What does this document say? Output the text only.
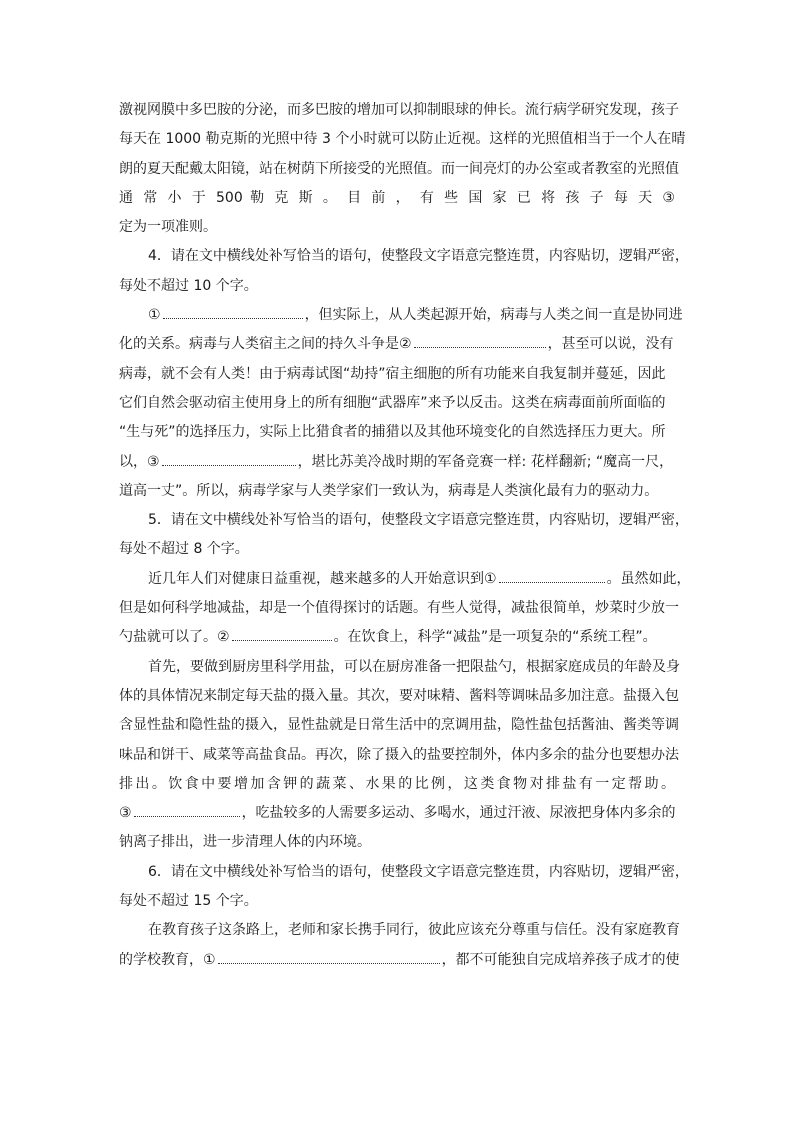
激视网膜中多巴胺的分泌，而多巴胺的增加可以抑制眼球的伸长。流行病学研究发现，孩子
每天在 1000 勒克斯的光照中待 3 个小时就可以防止近视。这样的光照值相当于一个人在晴
朗的夏天配戴太阳镜，站在树荫下所接受的光照值。而一间亮灯的办公室或者教室的光照值
通 常 小 于 500 勒 克 斯 。 目 前 ， 有 些 国 家 已 将 孩 子 每 天 ③
定为一项准则。
4．请在文中横线处补写恰当的语句，使整段文字语意完整连贯，内容贴切，逻辑严密，
每处不超过 10 个字。
①	，但实际上，从人类起源开始，病毒与人类之间一直是协同进
化的关系。病毒与人类宿主之间的持久斗争是②	，甚至可以说，没有
病毒，就不会有人类！由于病毒试图“劫持”宿主细胞的所有功能来自我复制并蔓延，因此
它们自然会驱动宿主使用身上的所有细胞“武器库”来予以反击。这类在病毒面前所面临的
“生与死”的选择压力，实际上比猎食者的捕猎以及其他环境变化的自然选择压力更大。所
以，③	，堪比苏美冷战时期的军备竞赛一样: 花样翻新; “魔高一尺，
道高一丈”。所以，病毒学家与人类学家们一致认为，病毒是人类演化最有力的驱动力。
5．请在文中横线处补写恰当的语句，使整段文字语意完整连贯，内容贴切，逻辑严密，
每处不超过 8 个字。
近几年人们对健康日益重视，越来越多的人开始意识到①	。虽然如此，
但是如何科学地减盐，却是一个值得探讨的话题。有些人觉得，减盐很简单，炒菜时少放一
勺盐就可以了。②	。在饮食上，科学“减盐”是一项复杂的“系统工程”。
首先，要做到厨房里科学用盐，可以在厨房准备一把限盐勺，根据家庭成员的年龄及身
体的具体情况来制定每天盐的摄入量。其次，要对味精、酱料等调味品多加注意。盐摄入包
含显性盐和隐性盐的摄入，显性盐就是日常生活中的烹调用盐，隐性盐包括酱油、酱类等调
味品和饼干、咸菜等高盐食品。再次，除了摄入的盐要控制外，体内多余的盐分也要想办法
排出。饮食中要增加含钾的蔬菜、水果的比例，这类食物对排盐有一定帮助。
③	，吃盐较多的人需要多运动、多喝水，通过汗液、尿液把身体内多余的
钠离子排出，进一步清理人体的内环境。
6．请在文中横线处补写恰当的语句，使整段文字语意完整连贯，内容贴切，逻辑严密，
每处不超过 15 个字。
在教育孩子这条路上，老师和家长携手同行，彼此应该充分尊重与信任。没有家庭教育
的学校教育，①	，都不可能独自完成培养孩子成才的使
